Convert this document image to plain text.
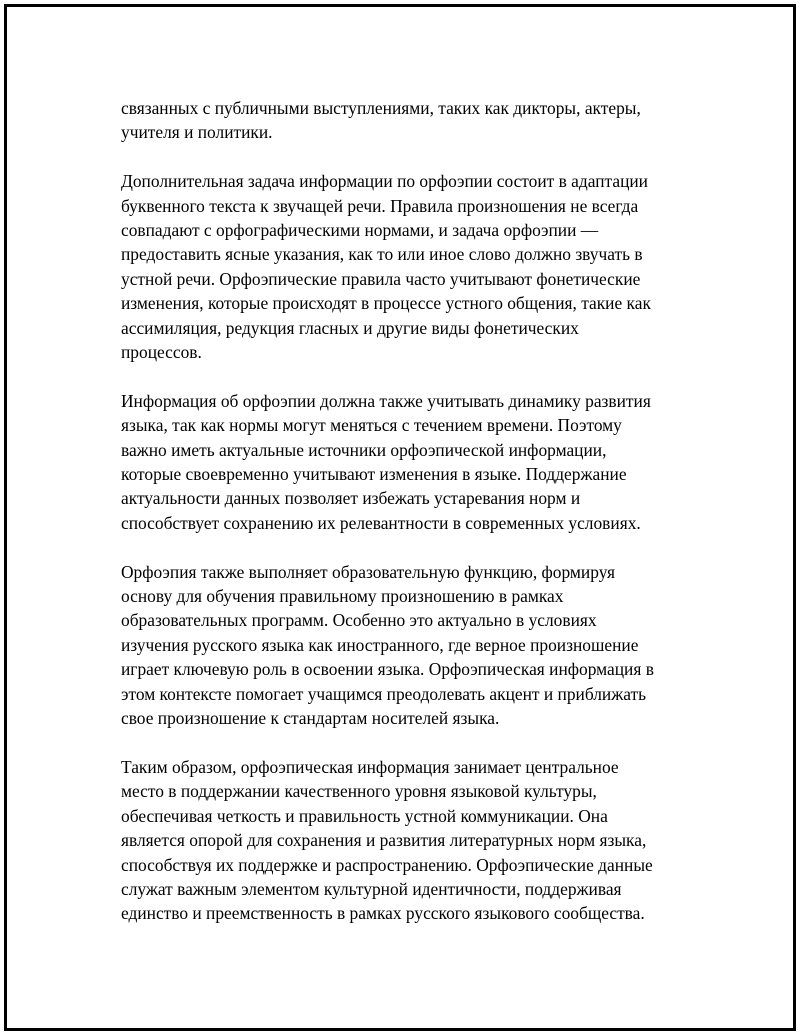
связанных с публичными выступлениями, таких как дикторы, актеры,
учителя и политики.

Дополнительная задача информации по орфоэпии состоит в адаптации
буквенного текста к звучащей речи. Правила произношения не всегда
совпадают с орфографическими нормами, и задача орфоэпии —
предоставить ясные указания, как то или иное слово должно звучать в
устной речи. Орфоэпические правила часто учитывают фонетические
изменения, которые происходят в процессе устного общения, такие как
ассимиляция, редукция гласных и другие виды фонетических
процессов.

Информация об орфоэпии должна также учитывать динамику развития
языка, так как нормы могут меняться с течением времени. Поэтому
важно иметь актуальные источники орфоэпической информации,
которые своевременно учитывают изменения в языке. Поддержание
актуальности данных позволяет избежать устаревания норм и
способствует сохранению их релевантности в современных условиях.

Орфоэпия также выполняет образовательную функцию, формируя
основу для обучения правильному произношению в рамках
образовательных программ. Особенно это актуально в условиях
изучения русского языка как иностранного, где верное произношение
играет ключевую роль в освоении языка. Орфоэпическая информация в
этом контексте помогает учащимся преодолевать акцент и приближать
свое произношение к стандартам носителей языка.

Таким образом, орфоэпическая информация занимает центральное
место в поддержании качественного уровня языковой культуры,
обеспечивая четкость и правильность устной коммуникации. Она
является опорой для сохранения и развития литературных норм языка,
способствуя их поддержке и распространению. Орфоэпические данные
служат важным элементом культурной идентичности, поддерживая
единство и преемственность в рамках русского языкового сообщества.
